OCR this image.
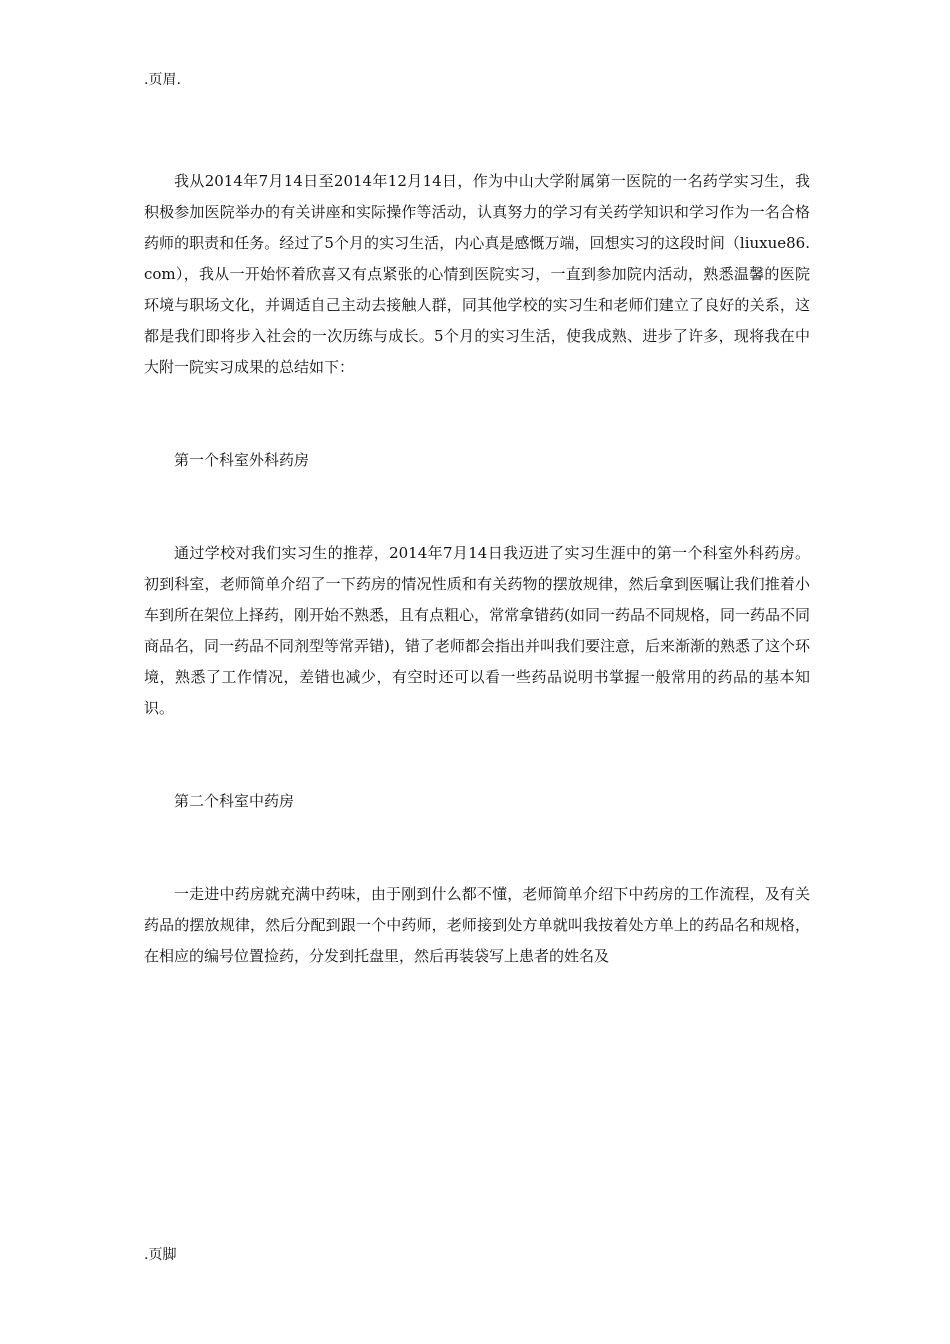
.页眉.

我从2014年7月14日至2014年12月14日，作为中山大学附属第一医院的一名药学实习生，我积极参加医院举办的有关讲座和实际操作等活动，认真努力的学习有关药学知识和学习作为一名合格药师的职责和任务。经过了5个月的实习生活，内心真是感慨万端，回想实习的这段时间（liuxue86.com），我从一开始怀着欣喜又有点紧张的心情到医院实习，一直到参加院内活动，熟悉温馨的医院环境与职场文化，并调适自己主动去接触人群，同其他学校的实习生和老师们建立了良好的关系，这都是我们即将步入社会的一次历练与成长。5个月的实习生活，使我成熟、进步了许多，现将我在中大附一院实习成果的总结如下：

第一个科室外科药房

通过学校对我们实习生的推荐，2014年7月14日我迈进了实习生涯中的第一个科室外科药房。初到科室，老师简单介绍了一下药房的情况性质和有关药物的摆放规律，然后拿到医嘱让我们推着小车到所在架位上择药，刚开始不熟悉，且有点粗心，常常拿错药(如同一药品不同规格，同一药品不同商品名，同一药品不同剂型等常弄错)，错了老师都会指出并叫我们要注意，后来渐渐的熟悉了这个环境，熟悉了工作情况，差错也减少，有空时还可以看一些药品说明书掌握一般常用的药品的基本知识。

第二个科室中药房

一走进中药房就充满中药味，由于刚到什么都不懂，老师简单介绍下中药房的工作流程，及有关药品的摆放规律，然后分配到跟一个中药师，老师接到处方单就叫我按着处方单上的药品名和规格，在相应的编号位置捡药，分发到托盘里，然后再装袋写上患者的姓名及

.页脚
